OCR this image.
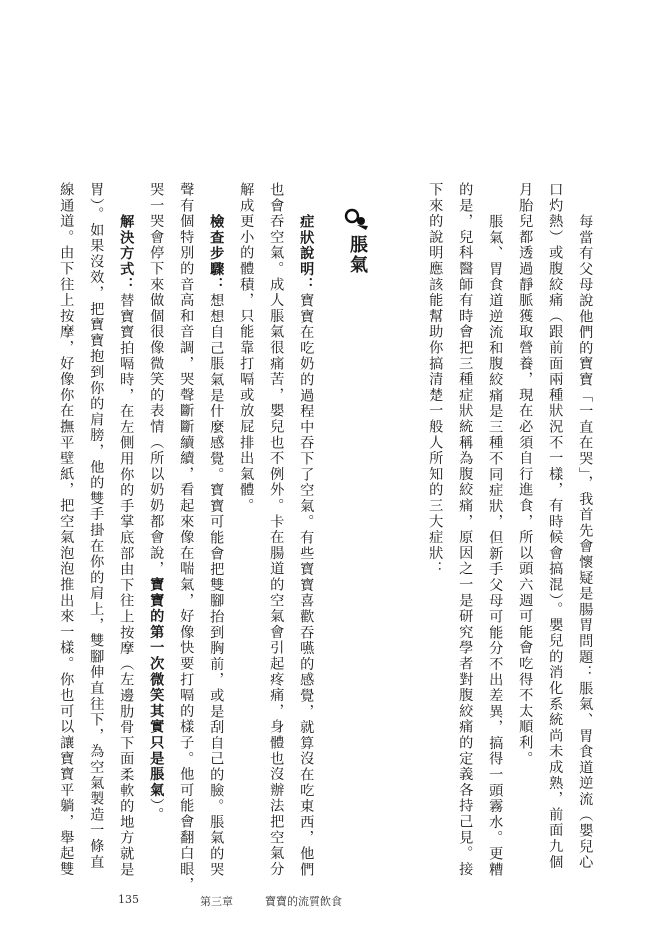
每當有父母說他們的寶寶「一直在哭」，我首先會懷疑是腸胃問題：脹氣、胃食道逆流（嬰兒心
口灼熱）或腹絞痛（跟前面兩種狀況不一樣，有時候會搞混）。嬰兒的消化系統尚未成熟，前面九個
月胎兒都透過靜脈獲取營養，現在必須自行進食，所以頭六週可能會吃得不太順利。
脹氣、胃食道逆流和腹絞痛是三種不同症狀，但新手父母可能分不出差異，搞得一頭霧水。更糟
的是，兒科醫師有時會把三種症狀統稱為腹絞痛，原因之一是研究學者對腹絞痛的定義各持己見。接
下來的說明應該能幫助你搞清楚一般人所知的三大症狀：
脹氣
症狀說明：寶寶在吃奶的過程中吞下了空氣。有些寶寶喜歡吞嚥的感覺，就算沒在吃東西，他們
也會吞空氣。成人脹氣很痛苦，嬰兒也不例外。卡在腸道的空氣會引起疼痛，身體也沒辦法把空氣分
解成更小的體積，只能靠打嗝或放屁排出氣體。
檢查步驟：想想自己脹氣是什麼感覺。寶寶可能會把雙腳抬到胸前，或是刮自己的臉。脹氣的哭
聲有個特別的音高和音調，哭聲斷斷續續，看起來像在喘氣，好像快要打嗝的樣子。他可能會翻白眼，
哭一哭會停下來做個很像微笑的表情（所以奶奶都會說，寶寶的第一次微笑其實只是脹氣）。
解決方式：替寶寶拍嗝時，在左側用你的手掌底部由下往上按摩（左邊肋骨下面柔軟的地方就是
胃）。如果沒效，把寶寶抱到你的肩膀，他的雙手掛在你的肩上，雙腳伸直往下，為空氣製造一條直
線通道。由下往上按摩，好像你在撫平壁紙，把空氣泡泡推出來一樣。你也可以讓寶寶平躺，舉起雙
135	第三章	寶寶的流質飲食
